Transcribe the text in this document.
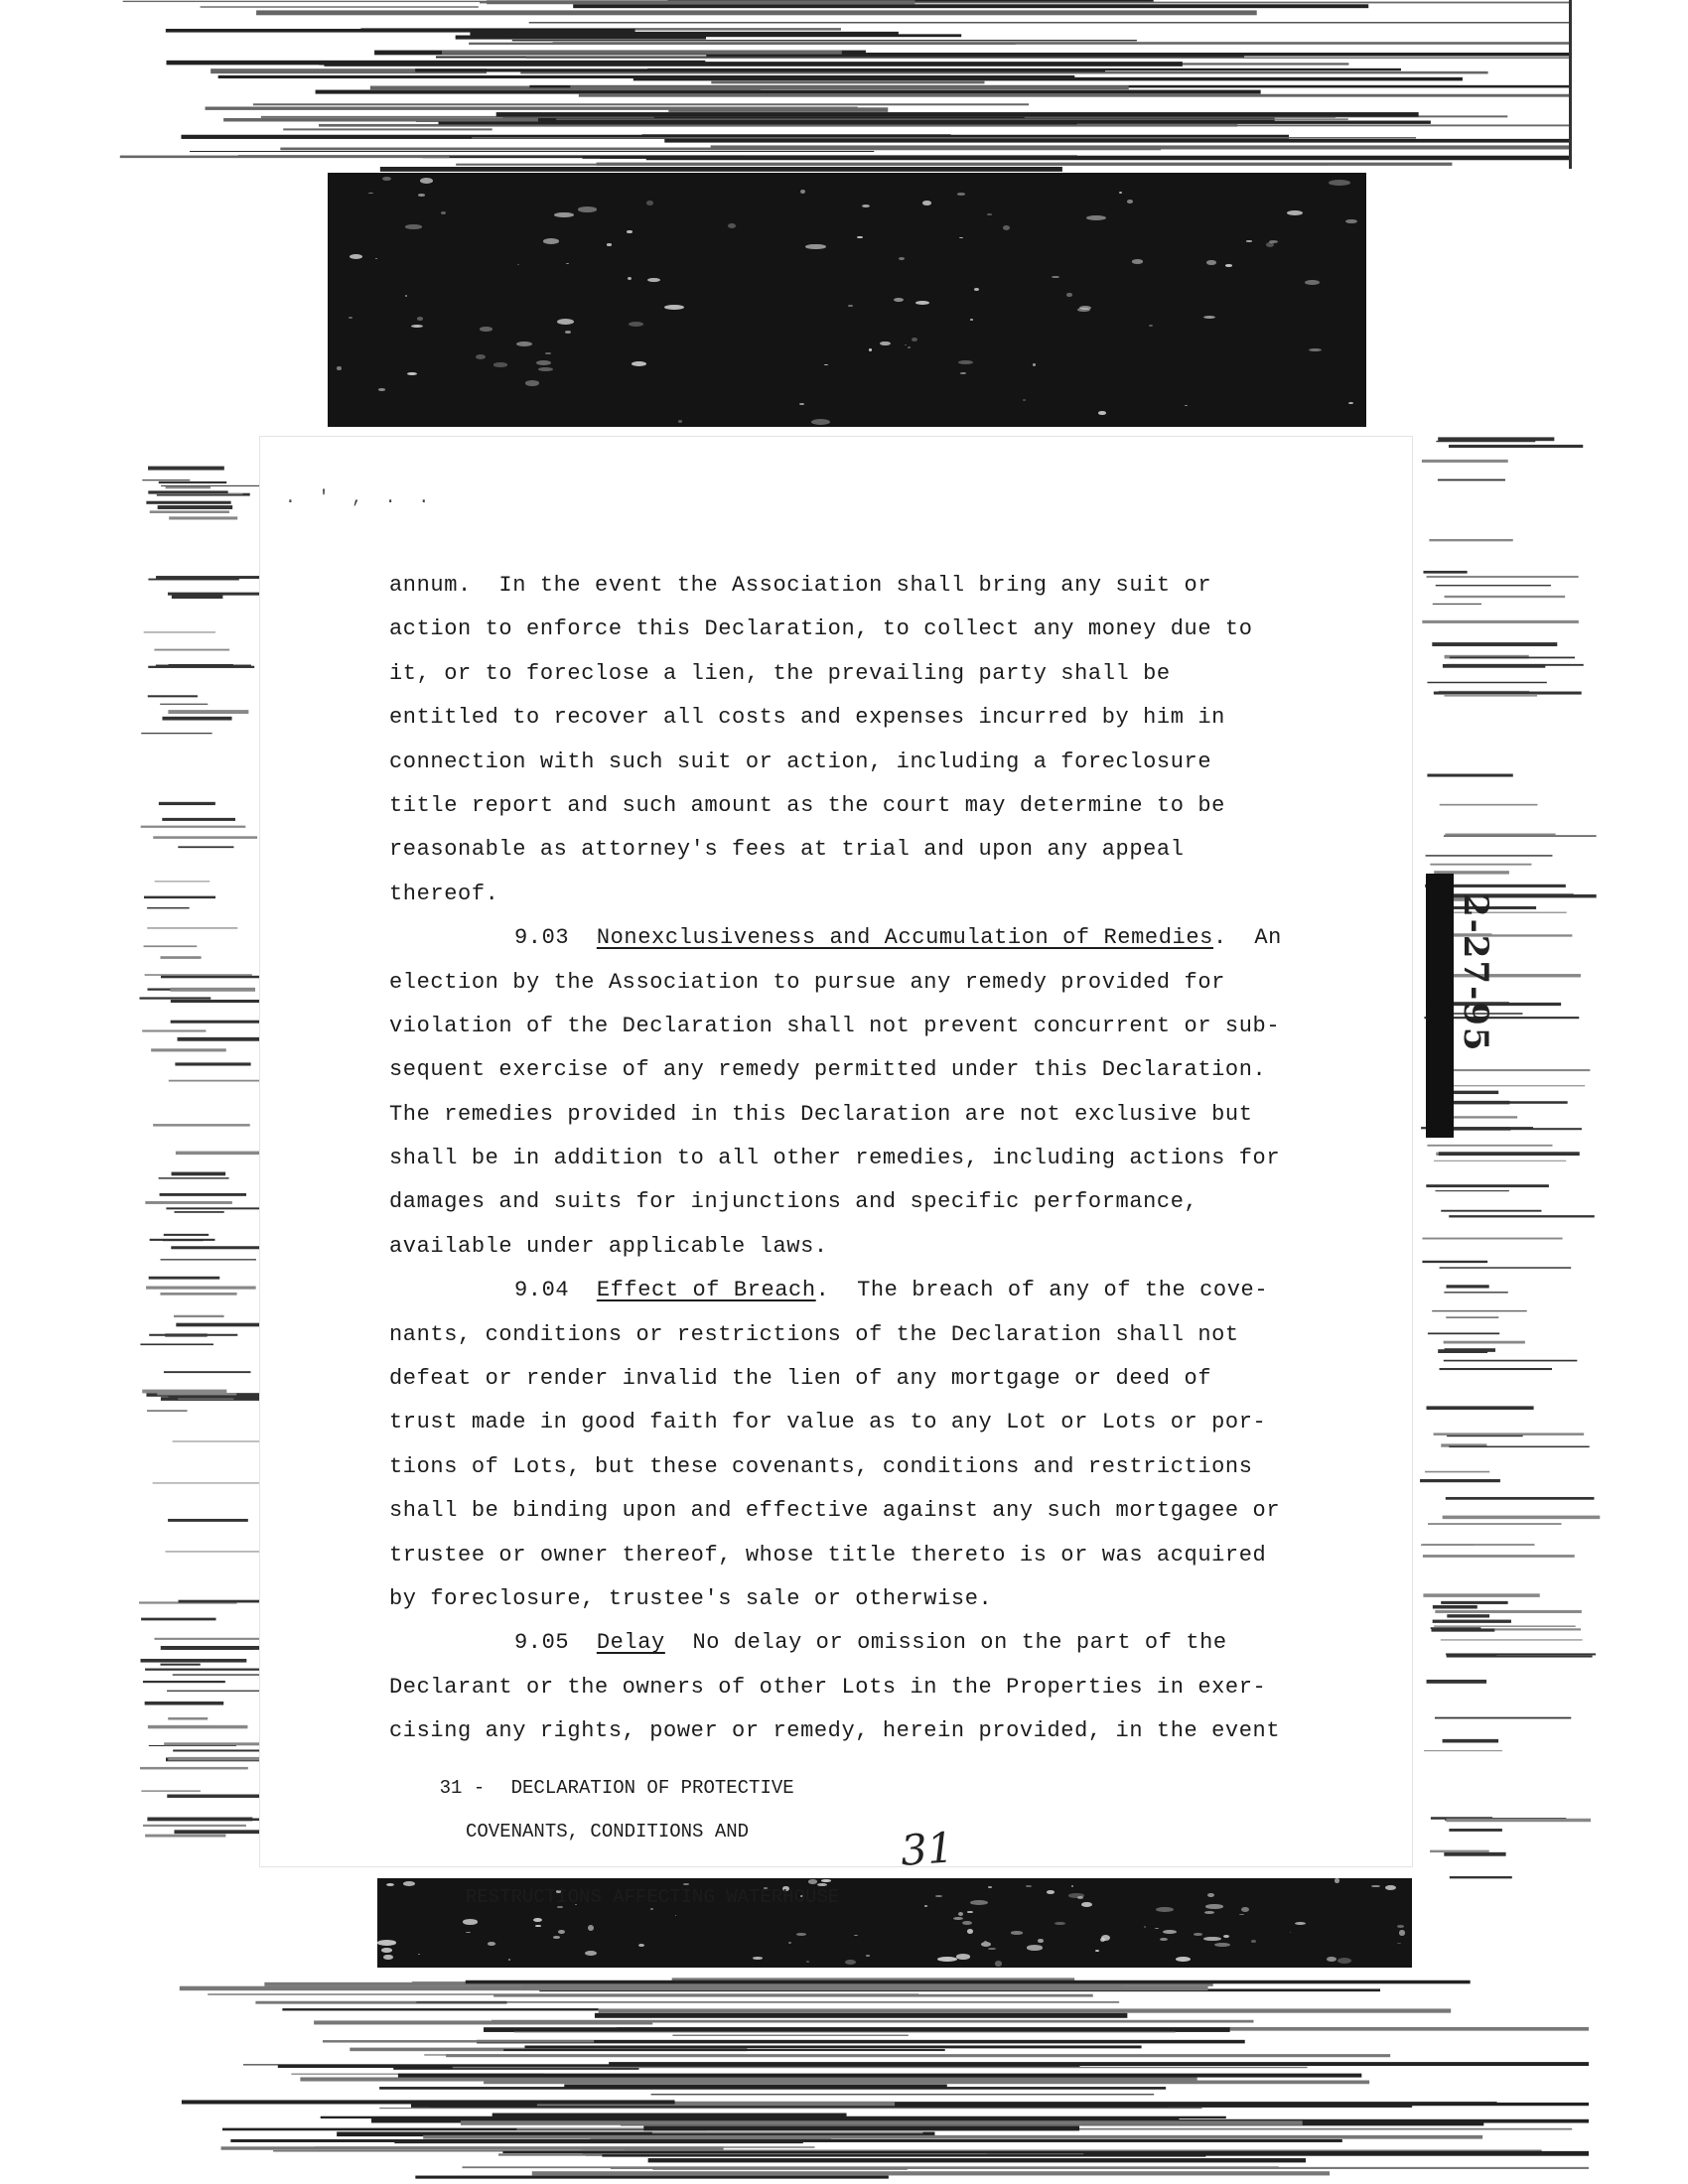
2-27-95
. ' , . .
annum.  In the event the Association shall bring any suit or
action to enforce this Declaration, to collect any money due to
it, or to foreclose a lien, the prevailing party shall be
entitled to recover all costs and expenses incurred by him in
connection with such suit or action, including a foreclosure
title report and such amount as the court may determine to be
reasonable as attorney's fees at trial and upon any appeal
thereof.
9.03  Nonexclusiveness and Accumulation of Remedies.  An
election by the Association to pursue any remedy provided for
violation of the Declaration shall not prevent concurrent or sub-
sequent exercise of any remedy permitted under this Declaration.
The remedies provided in this Declaration are not exclusive but
shall be in addition to all other remedies, including actions for
damages and suits for injunctions and specific performance,
available under applicable laws.
9.04  Effect of Breach.  The breach of any of the cove-
nants, conditions or restrictions of the Declaration shall not
defeat or render invalid the lien of any mortgage or deed of
trust made in good faith for value as to any Lot or Lots or por-
tions of Lots, but these covenants, conditions and restrictions
shall be binding upon and effective against any such mortgagee or
trustee or owner thereof, whose title thereto is or was acquired
by foreclosure, trustee's sale or otherwise.
9.05  Delay  No delay or omission on the part of the
Declarant or the owners of other Lots in the Properties in exer-
cising any rights, power or remedy, herein provided, in the event

31 - DECLARATION OF PROTECTIVE

COVENANTS, CONDITIONS AND

RESTRUCTIONS AFFECTING WATERHOUSE

31
